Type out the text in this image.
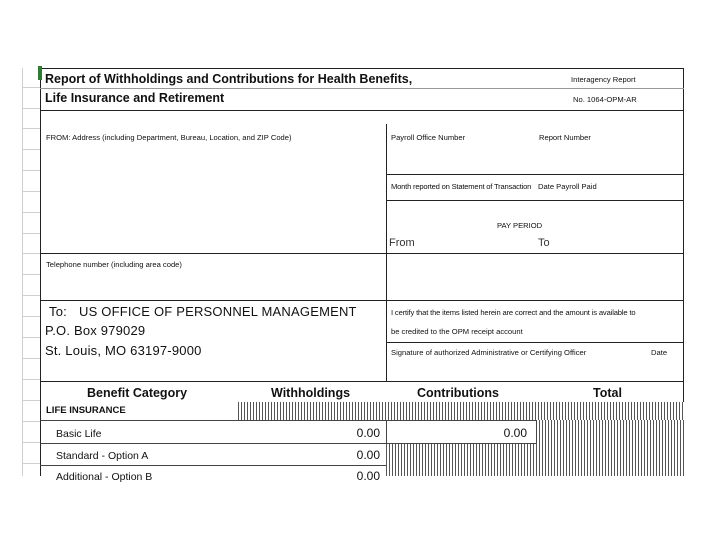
Report of Withholdings and Contributions for Health Benefits,	Interagency Report
Life Insurance and Retirement	No. 1064-OPM-AR
FROM: Address (including Department, Bureau, Location, and ZIP Code)	Payroll Office Number	Report Number
Month reported on Statement of Transaction Date Payroll Paid
PAY PERIOD
From	To
Telephone number (including area code)
To: US OFFICE OF PERSONNEL MANAGEMENT
P.O. Box 979029
St. Louis, MO 63197-9000
I certify that the items listed herein are correct and the amount is available to
be credited to the OPM receipt account
Signature of authorized Administrative or Certifying Officer	Date
Benefit Category	Withholdings	Contributions	Total
LIFE INSURANCE
Basic Life	0.00	0.00
Standard - Option A	0.00
Additional - Option B	0.00
